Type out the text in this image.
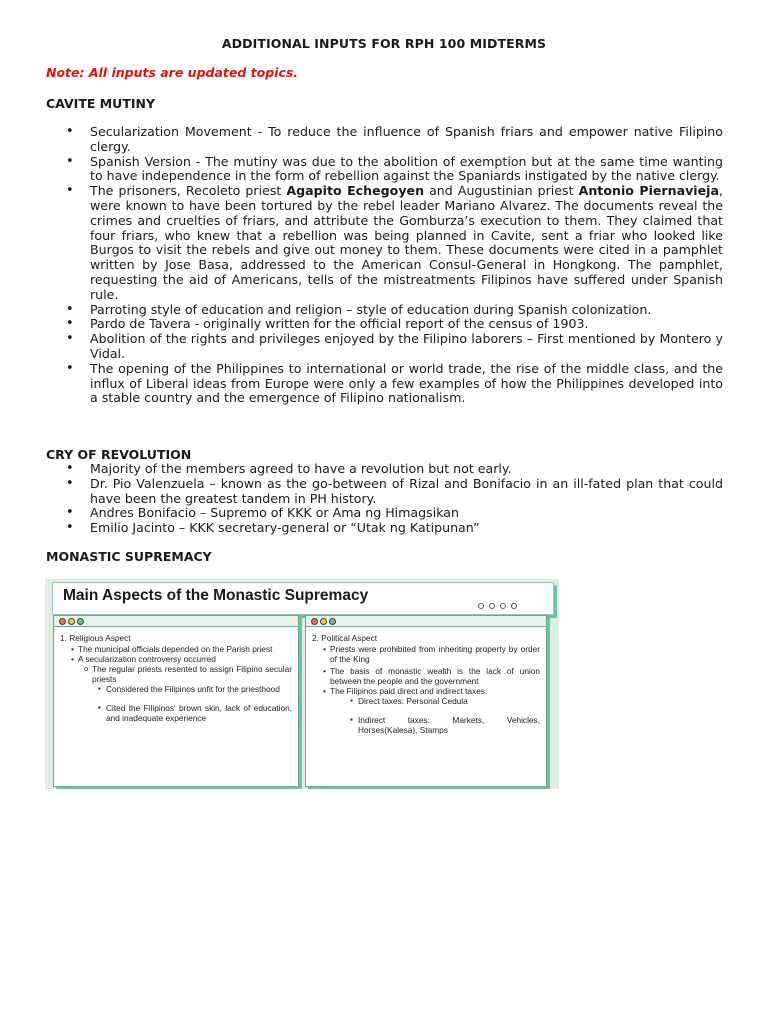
ADDITIONAL INPUTS FOR RPH 100 MIDTERMS
Note: All inputs are updated topics.
CAVITE MUTINY
• Secularization Movement - To reduce the influence of Spanish friars and empower native Filipino clergy.
• Spanish Version - The mutiny was due to the abolition of exemption but at the same time wanting to have independence in the form of rebellion against the Spaniards instigated by the native clergy.
• The prisoners, Recoleto priest Agapito Echegoyen and Augustinian priest Antonio Piernavieja, were known to have been tortured by the rebel leader Mariano Alvarez. The documents reveal the crimes and cruelties of friars, and attribute the Gomburza’s execution to them. They claimed that four friars, who knew that a rebellion was being planned in Cavite, sent a friar who looked like Burgos to visit the rebels and give out money to them. These documents were cited in a pamphlet written by Jose Basa, addressed to the American Consul-General in Hongkong. The pamphlet, requesting the aid of Americans, tells of the mistreatments Filipinos have suffered under Spanish rule.
• Parroting style of education and religion – style of education during Spanish colonization.
• Pardo de Tavera - originally written for the official report of the census of 1903.
• Abolition of the rights and privileges enjoyed by the Filipino laborers – First mentioned by Montero y Vidal.
• The opening of the Philippines to international or world trade, the rise of the middle class, and the influx of Liberal ideas from Europe were only a few examples of how the Philippines developed into a stable country and the emergence of Filipino nationalism.
CRY OF REVOLUTION
• Majority of the members agreed to have a revolution but not early.
• Dr. Pio Valenzuela – known as the go-between of Rizal and Bonifacio in an ill-fated plan that could have been the greatest tandem in PH history.
• Andres Bonifacio – Supremo of KKK or Ama ng Himagsikan
• Emilio Jacinto – KKK secretary-general or “Utak ng Katipunan”
MONASTIC SUPREMACY
Main Aspects of the Monastic Supremacy
1. Religious Aspect
• The municipal officials depended on the Parish priest
• A secularization controversy occurred
o The regular priests resented to assign Filipino secular priests
▪ Considered the Filipinos unfit for the priesthood
▪ Cited the Filipinos' brown skin, lack of education, and inadequate experience
2. Political Aspect
• Priests were prohibited from inheriting property by order of the King
• The basis of monastic wealth is the lack of union between the people and the government
• The Filipinos paid direct and indirect taxes:
▪ Direct taxes: Personal Cedula
▪ Indirect taxes: Markets, Vehicles, Horses(Kalesa), Stamps
